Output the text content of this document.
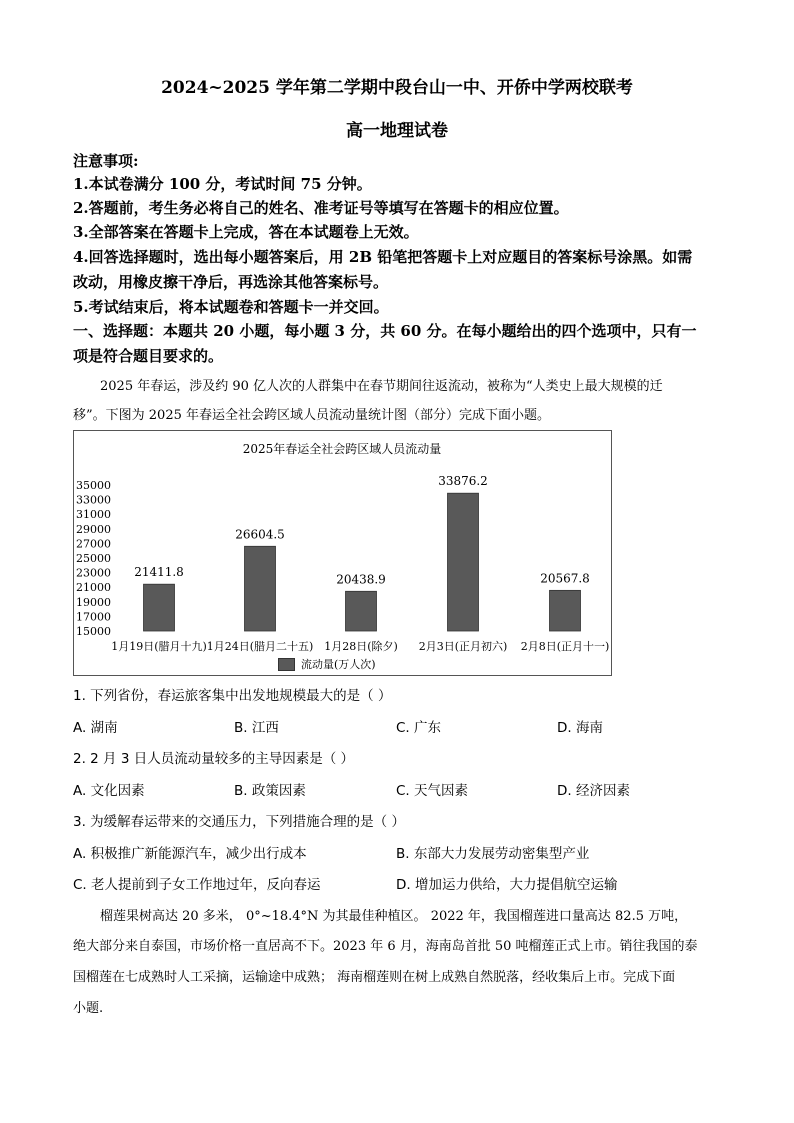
2024~2025 学年第二学期中段台山一中、开侨中学两校联考
高一地理试卷
注意事项:
1.本试卷满分 100 分，考试时间 75 分钟。
2.答题前，考生务必将自己的姓名、准考证号等填写在答题卡的相应位置。
3.全部答案在答题卡上完成，答在本试题卷上无效。
4.回答选择题时，选出每小题答案后，用 2B 铅笔把答题卡上对应题目的答案标号涂黑。如需
改动，用橡皮擦干净后，再选涂其他答案标号。
5.考试结束后，将本试题卷和答题卡一并交回。
一、选择题：本题共 20 小题，每小题 3 分，共 60 分。在每小题给出的四个选项中，只有一
项是符合题目要求的。
2025 年春运，涉及约 90 亿人次的人群集中在春节期间往返流动，被称为“人类史上最大规模的迁
移”。下图为 2025 年春运全社会跨区域人员流动量统计图（部分）完成下面小题。
2025年春运全社会跨区域人员流动量
15000
17000
19000
21000
23000
25000
27000
29000
31000
33000
35000
21411.8
26604.5
20438.9
33876.2
20567.8
1月19日(腊月十九) 1月24日(腊月二十五) 1月28日(除夕) 2月3日(正月初六) 2月8日(正月十一)
流动量(万人次)
1. 下列省份，春运旅客集中出发地规模最大的是（ ）
A. 湖南	B. 江西	C. 广东	D. 海南
2. 2 月 3 日人员流动量较多的主导因素是（ ）
A. 文化因素	B. 政策因素	C. 天气因素	D. 经济因素
3. 为缓解春运带来的交通压力，下列措施合理的是（ ）
A. 积极推广新能源汽车，减少出行成本	B. 东部大力发展劳动密集型产业
C. 老人提前到子女工作地过年，反向春运	D. 增加运力供给，大力提倡航空运输
榴莲果树高达 20 多米， 0°~18.4°N 为其最佳种植区。 2022 年，我国榴莲进口量高达 82.5 万吨，
绝大部分来自泰国，市场价格一直居高不下。2023 年 6 月，海南岛首批 50 吨榴莲正式上市。销往我国的泰
国榴莲在七成熟时人工采摘，运输途中成熟； 海南榴莲则在树上成熟自然脱落，经收集后上市。完成下面
小题.
